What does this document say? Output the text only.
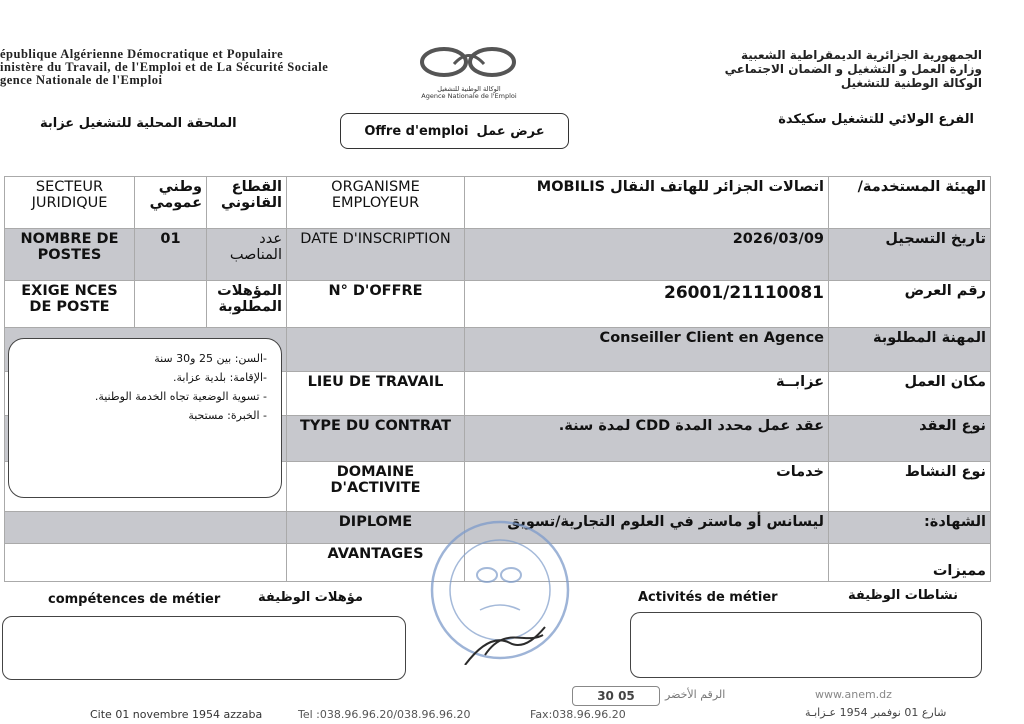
épublique Algérienne Démocratique et Populaire
inistère du Travail, de l'Emploi et de La Sécurité Sociale
gence Nationale de l'Emploi
الوكالة الوطنية للتشغيل
Agence Nationale de l'Emploi
الجمهورية الجزائرية الديمقراطية الشعبية
وزارة العمل و التشغيل و الضمان الاجتماعي
الوكالة الوطنية للتشغيل
الملحقة المحلية للتشغيل عزابة	الفرع الولائي للتشغيل سكيكدة
Offre d'emploi عرض عمل
SECTEUR JURIDIQUE	وطني عمومي	القطاع القانوني	ORGANISME EMPLOYEUR	اتصالات الجزائر للهاتف النقال MOBILIS	الهيئة المستخدمة/
NOMBRE DE POSTES	01	عدد المناصب	DATE D'INSCRIPTION	2026/03/09	تاريخ التسجيل
EXIGE NCES DE POSTE		المؤهلات المطلوبة	N° D'OFFRE	26001/21110081	رقم العرض
				Conseiller Client en Agence	المهنة المطلوبة
			LIEU DE TRAVAIL	عزابــة	مكان العمل
			TYPE DU CONTRAT	عقد عمل محدد المدة CDD لمدة سنة.	نوع العقد
			DOMAINE D'ACTIVITE	خدمات	نوع النشاط
			DIPLOME	ليسانس أو ماستر في العلوم التجارية/تسويق	الشهادة:
			AVANTAGES		مميزات
-السن: بين 25 و30 سنة
-الإقامة: بلدية عزابة.
- تسوية الوضعية تجاه الخدمة الوطنية.
- الخبرة: مستحبة
compétences de métier	مؤهلات الوظيفة	Activités de métier	نشاطات الوظيفة
30 05	الرقم الأخضر	www.anem.dz
Cite 01 novembre 1954 azzaba	Tel :038.96.96.20/038.96.96.20	Fax:038.96.96.20	شارع 01 نوفمبر 1954 عـزابـة
